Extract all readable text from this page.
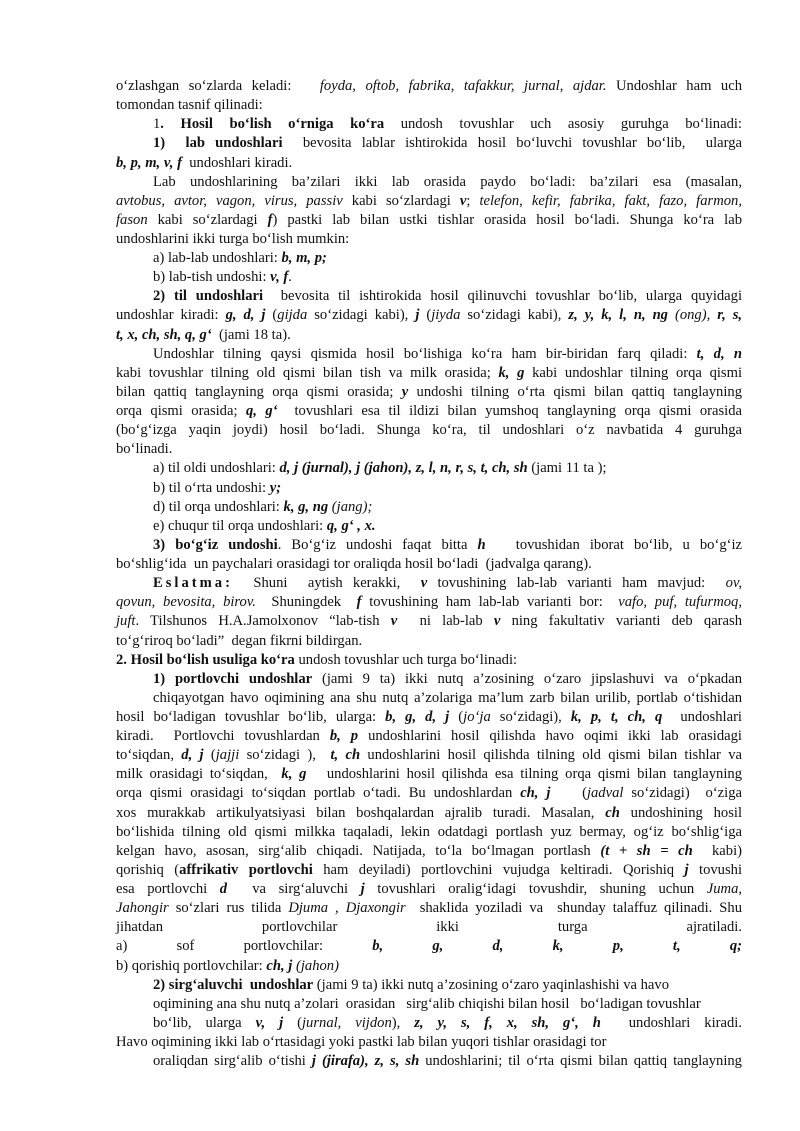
o‘zlashgan so‘zlarda keladi:   foyda, oftob, fabrika, tafakkur, jurnal, ajdar. Undoshlar ham uch

tomondan tasnif qilinadi:

1. Hosil bo‘lish o‘rniga ko‘ra undosh tovushlar uch asosiy guruhga bo‘linadi:

1)  lab undoshlari  bevosita lablar ishtirokida hosil bo‘luvchi tovushlar bo‘lib,  ularga

b, p, m, v, f  undoshlari kiradi.

Lab undoshlarining ba’zilari ikki lab orasida paydo bo‘ladi: ba’zilari esa (masalan,

avtobus, avtor, vagon, virus, passiv kabi so‘zlardagi v; telefon, kefir, fabrika, fakt, fazo, farmon,

fason kabi so‘zlardagi f) pastki lab bilan ustki tishlar orasida hosil bo‘ladi. Shunga ko‘ra lab

undoshlarini ikki turga bo‘lish mumkin:

a) lab-lab undoshlari: b, m, p;

b) lab-tish undoshi: v, f.

2) til undoshlari  bevosita til ishtirokida hosil qilinuvchi tovushlar bo‘lib, ularga quyidagi

undoshlar kiradi: g, d, j (gijda so‘zidagi kabi), j (jiyda so‘zidagi kabi), z, y, k, l, n, ng (ong), r, s,

t, x, ch, sh, q, g‘  (jami 18 ta).

Undoshlar tilning qaysi qismida hosil bo‘lishiga ko‘ra ham bir-biridan farq qiladi: t, d, n

kabi tovushlar tilning old qismi bilan tish va milk orasida; k, g kabi undoshlar tilning orqa qismi

bilan qattiq tanglayning orqa qismi orasida; y undoshi tilning o‘rta qismi bilan qattiq tanglayning

orqa qismi orasida; q, g‘  tovushlari esa til ildizi bilan yumshoq tanglayning orqa qismi orasida

(bo‘g‘izga yaqin joydi) hosil bo‘ladi. Shunga ko‘ra, til undoshlari o‘z navbatida 4 guruhga

bo‘linadi.

a) til oldi undoshlari: d, j (jurnal), j (jahon), z, l, n, r, s, t, ch, sh (jami 11 ta );

b) til o‘rta undoshi: y;

d) til orqa undoshlari: k, g, ng (jang);

e) chuqur til orqa undoshlari: q, g‘ , x.

3) bo‘g‘iz undoshi. Bo‘g‘iz undoshi faqat bitta h   tovushidan iborat bo‘lib, u bo‘g‘iz

bo‘shlig‘ida  un paychalari orasidagi tor oraliqda hosil bo‘ladi  (jadvalga qarang).

Eslatma:  Shuni  aytish kerakki,  v tovushining lab-lab varianti ham mavjud:  ov,

qovun, bevosita, birov.  Shuningdek  f tovushining ham lab-lab varianti bor:  vafo, puf, tufurmoq,

juft. Tilshunos H.A.Jamolxonov “lab-tish v  ni lab-lab v ning fakultativ varianti deb qarash

to‘g‘riroq bo‘ladi”  degan fikrni bildirgan.

2. Hosil bo‘lish usuliga ko‘ra undosh tovushlar uch turga bo‘linadi:

1) portlovchi undoshlar (jami 9 ta) ikki nutq a’zosining o‘zaro jipslashuvi va o‘pkadan

chiqayotgan havo oqimining ana shu nutq a’zolariga ma’lum zarb bilan urilib, portlab o‘tishidan

hosil bo‘ladigan tovushlar bo‘lib, ularga: b, g, d, j (jo‘ja so‘zidagi), k, p, t, ch, q  undoshlari

kiradi.  Portlovchi tovushlardan b, p undoshlarini hosil qilishda havo oqimi ikki lab orasidagi

to‘siqdan, d, j (jajji so‘zidagi ),  t, ch undoshlarini hosil qilishda tilning old qismi bilan tishlar va

milk orasidagi to‘siqdan,  k, g   undoshlarini hosil qilishda esa tilning orqa qismi bilan tanglayning

orqa qismi orasidagi to‘siqdan portlab o‘tadi. Bu undoshlardan ch, j    (jadval so‘zidagi)  o‘ziga

xos murakkab artikulyatsiyasi bilan boshqalardan ajralib turadi. Masalan, ch undoshining hosil

bo‘lishida tilning old qismi milkka taqaladi, lekin odatdagi portlash yuz bermay, og‘iz bo‘shlig‘iga

kelgan havo, asosan, sirg‘alib chiqadi. Natijada, to‘la bo‘lmagan portlash (t + sh = ch  kabi)

qorishiq (affrikativ portlovchi ham deyiladi) portlovchini vujudga keltiradi. Qorishiq j tovushi

esa portlovchi d  va sirg‘aluvchi j tovushlari oralig‘idagi tovushdir, shuning uchun Juma,

Jahongir so‘zlari rus tilida Djuma , Djaxongir  shaklida yoziladi va  shunday talaffuz qilinadi. Shu

jihatdan portlovchilar ikki turga ajratiladi.

a) sof portlovchilar: b, g, d, k, p, t, q;

b) qorishiq portlovchilar: ch, j (jahon)

2) sirg‘aluvchi  undoshlar (jami 9 ta) ikki nutq a’zosining o‘zaro yaqinlashishi va havo

oqimining ana shu nutq a’zolari  orasidan   sirg‘alib chiqishi bilan hosil   bo‘ladigan tovushlar

bo‘lib, ularga v, j (jurnal, vijdon), z, y, s, f, x, sh, g‘, h  undoshlari kiradi.

Havo oqimining ikki lab o‘rtasidagi yoki pastki lab bilan yuqori tishlar orasidagi tor

oraliqdan sirg‘alib o‘tishi j (jirafa), z, s, sh undoshlarini; til o‘rta qismi bilan qattiq tanglayning
